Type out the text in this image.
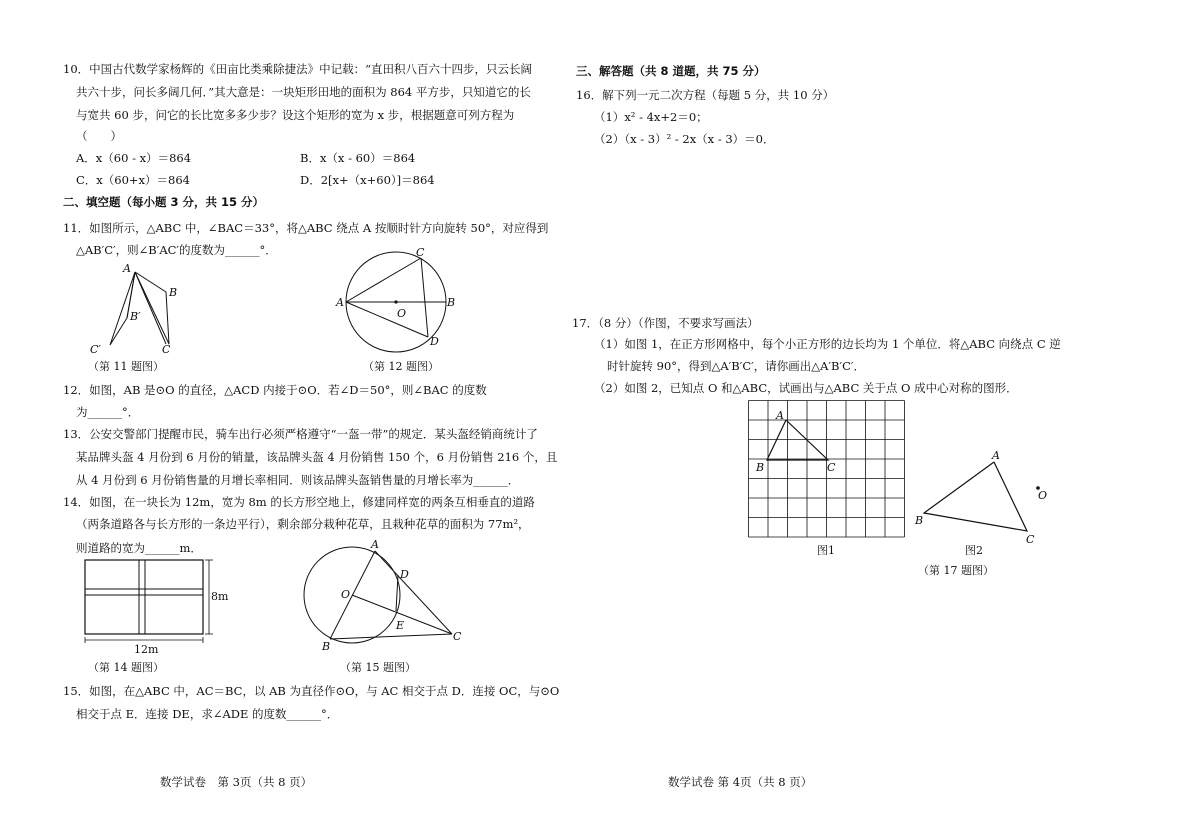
10．中国古代数学家杨辉的《田亩比类乘除捷法》中记载：“直田积八百六十四步，只云长阔
共六十步，问长多阔几何．”其大意是：一块矩形田地的面积为 864 平方步，只知道它的长
与宽共 60 步，问它的长比宽多多少步？设这个矩形的宽为 x 步，根据题意可列方程为
（　　）
A．x（60 - x）＝864	B．x（x - 60）＝864
C．x（60+x）＝864	D．2[x+（x+60）]＝864
二、填空题（每小题 3 分，共 15 分）
11．如图所示，△ABC 中，∠BAC＝33°，将△ABC 绕点 A 按顺时针方向旋转 50°，对应得到
△AB′C′，则∠B′AC′的度数为______°．
A
B
B′
C′	C
（第 11 题图）
A	B
C
D
O
（第 12 题图）
12．如图，AB 是⊙O 的直径，△ACD 内接于⊙O．若∠D＝50°，则∠BAC 的度数
为______°．
13．公安交警部门提醒市民，骑车出行必须严格遵守“一盔一带”的规定．某头盔经销商统计了
某品牌头盔 4 月份到 6 月份的销量，该品牌头盔 4 月份销售 150 个，6 月份销售 216 个，且
从 4 月份到 6 月份销售量的月增长率相同．则该品牌头盔销售量的月增长率为______．
14．如图，在一块长为 12m，宽为 8m 的长方形空地上，修建同样宽的两条互相垂直的道路
（两条道路各与长方形的一条边平行），剩余部分栽种花草，且栽种花草的面积为 77m²，
则道路的宽为______m．
8m
12m
（第 14 题图）
A
D
O
E
C
B
（第 15 题图）
15．如图，在△ABC 中，AC＝BC，以 AB 为直径作⊙O，与 AC 相交于点 D．连接 OC，与⊙O
相交于点 E．连接 DE，求∠ADE 的度数______°．
数学试卷　第 3页（共 8 页）
三、解答题（共 8 道题，共 75 分）
16．解下列一元二次方程（每题 5 分，共 10 分）
（1）x² - 4x+2＝0；
（2）（x - 3）² - 2x（x - 3）＝0．
17．（8 分）（作图，不要求写画法）
（1）如图 1，在正方形网格中，每个小正方形的边长均为 1 个单位．将△ABC 向绕点 C 逆
时针旋转 90°，得到△A′B′C′，请你画出△A′B′C′．
（2）如图 2，已知点 O 和△ABC，试画出与△ABC 关于点 O 成中心对称的图形．
A
B	C
图1
A
B
C
O
图2
（第 17 题图）
数学试卷 第 4页（共 8 页）
